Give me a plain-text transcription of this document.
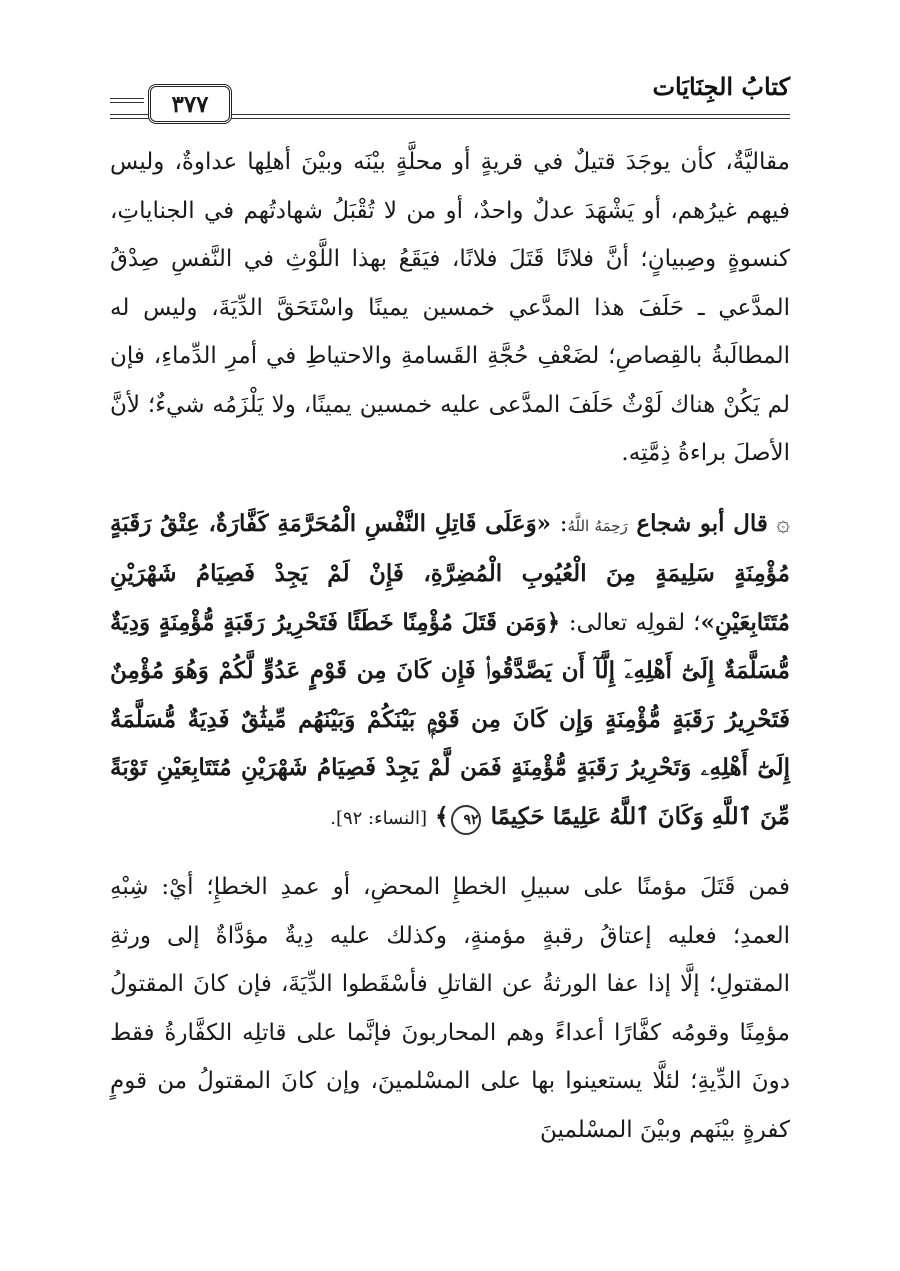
كتابُ الجِنَايَات
٣٧٧

مقاليَّةٌ، كأن يوجَدَ قتيلٌ في قريةٍ أو محلَّةٍ بيْنَه وبيْنَ أهلِها عداوةٌ، وليس فيهم غيرُهم، أو يَشْهَدَ عدلٌ واحدٌ، أو من لا تُقْبَلُ شهادتُهم في الجناياتِ، كنسوةٍ وصِبيانٍ؛ أنَّ فلانًا قَتَلَ فلانًا، فيَقَعُ بهذا اللَّوْثِ في النَّفسِ صِدْقُ المدَّعي ـ حَلَفَ هذا المدَّعي خمسين يمينًا واسْتَحَقَّ الدِّيَةَ، وليس له المطالَبةُ بالقِصاصِ؛ لضَعْفِ حُجَّةِ القَسامةِ والاحتياطِ في أمرِ الدِّماءِ، فإن لم يَكُنْ هناك لَوْثٌ حَلَفَ المدَّعى عليه خمسين يمينًا، ولا يَلْزَمُه شيءٌ؛ لأنَّ الأصلَ براءةُ ذِمَّتِه.

۞ قال أبو شجاع رَحِمَهُ اللَّهُ: «وَعَلَى قَاتِلِ النَّفْسِ الْمُحَرَّمَةِ كَفَّارَةٌ، عِتْقُ رَقَبَةٍ مُؤْمِنَةٍ سَلِيمَةٍ مِنَ الْعُيُوبِ الْمُضِرَّةِ، فَإِنْ لَمْ يَجِدْ فَصِيَامُ شَهْرَيْنِ مُتَتَابِعَيْنِ»؛ لقولِه تعالى: ﴿وَمَن قَتَلَ مُؤْمِنًا خَطَئًا فَتَحْرِيرُ رَقَبَةٍ مُّؤْمِنَةٍ وَدِيَةٌ مُّسَلَّمَةٌ إِلَىٰٓ أَهْلِهِۦٓ إِلَّآ أَن يَصَّدَّقُوا۟ فَإِن كَانَ مِن قَوْمٍ عَدُوٍّ لَّكُمْ وَهُوَ مُؤْمِنٌ فَتَحْرِيرُ رَقَبَةٍ مُّؤْمِنَةٍ وَإِن كَانَ مِن قَوْمٍۭ بَيْنَكُمْ وَبَيْنَهُم مِّيثَٰقٌ فَدِيَةٌ مُّسَلَّمَةٌ إِلَىٰٓ أَهْلِهِۦ وَتَحْرِيرُ رَقَبَةٍ مُّؤْمِنَةٍ فَمَن لَّمْ يَجِدْ فَصِيَامُ شَهْرَيْنِ مُتَتَابِعَيْنِ تَوْبَةً مِّنَ ٱللَّهِ وَكَانَ ٱللَّهُ عَلِيمًا حَكِيمًا ٩٢﴾ [النساء: ٩٢].

فمن قَتَلَ مؤمنًا على سبيلِ الخطإِ المحضِ، أو عمدِ الخطإِ؛ أيْ: شِبْهِ العمدِ؛ فعليه إعتاقُ رقبةٍ مؤمنةٍ، وكذلك عليه دِيةٌ مؤدَّاةٌ إلى ورثةِ المقتولِ؛ إلَّا إذا عفا الورثةُ عن القاتلِ فأسْقَطوا الدِّيَةَ، فإن كانَ المقتولُ مؤمِنًا وقومُه كفَّارًا أعداءً وهم المحاربونَ فإنَّما على قاتلِه الكفَّارةُ فقط دونَ الدِّيةِ؛ لئلَّا يستعينوا بها على المسْلمينَ، وإن كانَ المقتولُ من قومٍ كفرةٍ بيْنَهم وبيْنَ المسْلمينَ
